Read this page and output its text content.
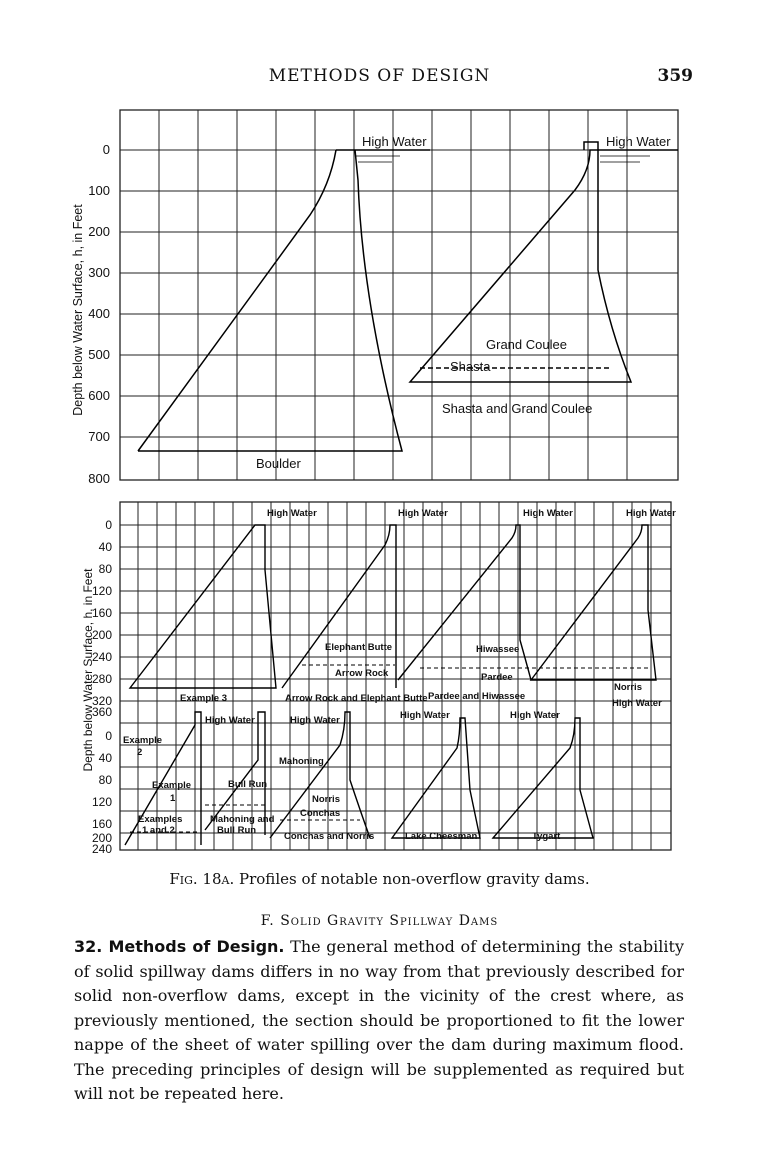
METHODS OF DESIGN	359
0
100
200
300
400
500
600
700
800
Depth below Water Surface, h, in Feet
High Water	High Water
Grand Coulee
Shasta
Shasta and Grand Coulee
Boulder
0
40
80
120
160
200
240
280
320
360
0
40
80
120
160
200
240
Depth below Water Surface, h, in Feet
High Water	High Water	High Water	High Water
Elephant Butte
Arrow Rock
Arrow Rock and Elephant Butte
Hiwassee
Pardee
Pardee and Hiwassee
Norris
Example 3
High Water	High Water	High Water	High Water
High Water
Example
2
Mahoning
Example
1
Bull Run
Norris
Conchas
Examples
1 and 2
Mahoning and
Bull Run
Conchas and Norris	Lake Cheesman	Tygart
Fig. 18a. Profiles of notable non-overflow gravity dams.
F. Solid Gravity Spillway Dams
32. Methods of Design. The general method of determining the stability of solid spillway dams differs in no way from that previously described for solid non-overflow dams, except in the vicinity of the crest where, as previously mentioned, the section should be proportioned to fit the lower nappe of the sheet of water spilling over the dam during maximum flood. The preceding principles of design will be supplemented as required but will not be repeated here.
